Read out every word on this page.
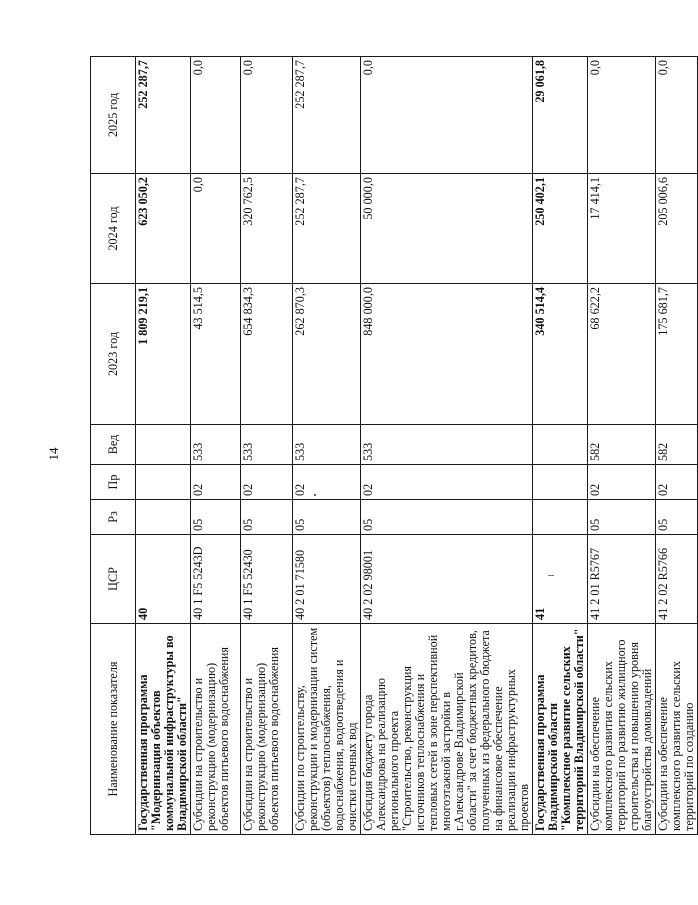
14
Наименование показателя	ЦСР	Рз	Пр	Вед	2023 год	2024 год	2025 год
Государственная программа "Модернизация объектов коммунальной инфраструктуры во Владимирской области"	40				1 809 219,1	623 050,2	252 287,7
Субсидии на строительство и реконструкцию (модернизацию) объектов питьевого водоснабжения	40 1 F5 5243D	05	02	533	43 514,5	0,0	0,0
Субсидии на строительство и реконструкцию (модернизацию) объектов питьевого водоснабжения	40 1 F5 52430	05	02	533	654 834,3	320 762,5	0,0
Субсидии по строительству, реконструкции и модернизации систем (объектов) теплоснабжения, водоснабжения, водоотведения и очистки сточных вод	40 2 01 71580	05	02	533	262 870,3	252 287,7	252 287,7
Субсидия бюджету города Александрова на реализацию регионального проекта "Строительство, реконструкция источников теплоснабжения и тепловых сетей в зоне перспективной многоэтажной застройки в г.Александрове Владимирской области" за счет бюджетных кредитов, полученных из федерального бюджета на финансовое обеспечение реализации инфраструктурных проектов	40 2 02 98001	05	02	533	848 000,0	50 000,0	0,0
Государственная программа Владимирской области "Комплексное развитие сельских территорий Владимирской области"	41				340 514,4	250 402,1	29 061,8
Субсидии на обеспечение комплексного развития сельских территорий по развитию жилищного строительства и повышению уровня благоустройства домовладений	41 2 01 R5767	05	02	582	68 622,2	17 414,1	0,0
Субсидии на обеспечение комплексного развития сельских территорий по созданию	41 2 02 R5766	05	02	582	175 681,7	205 006,6	0,0
